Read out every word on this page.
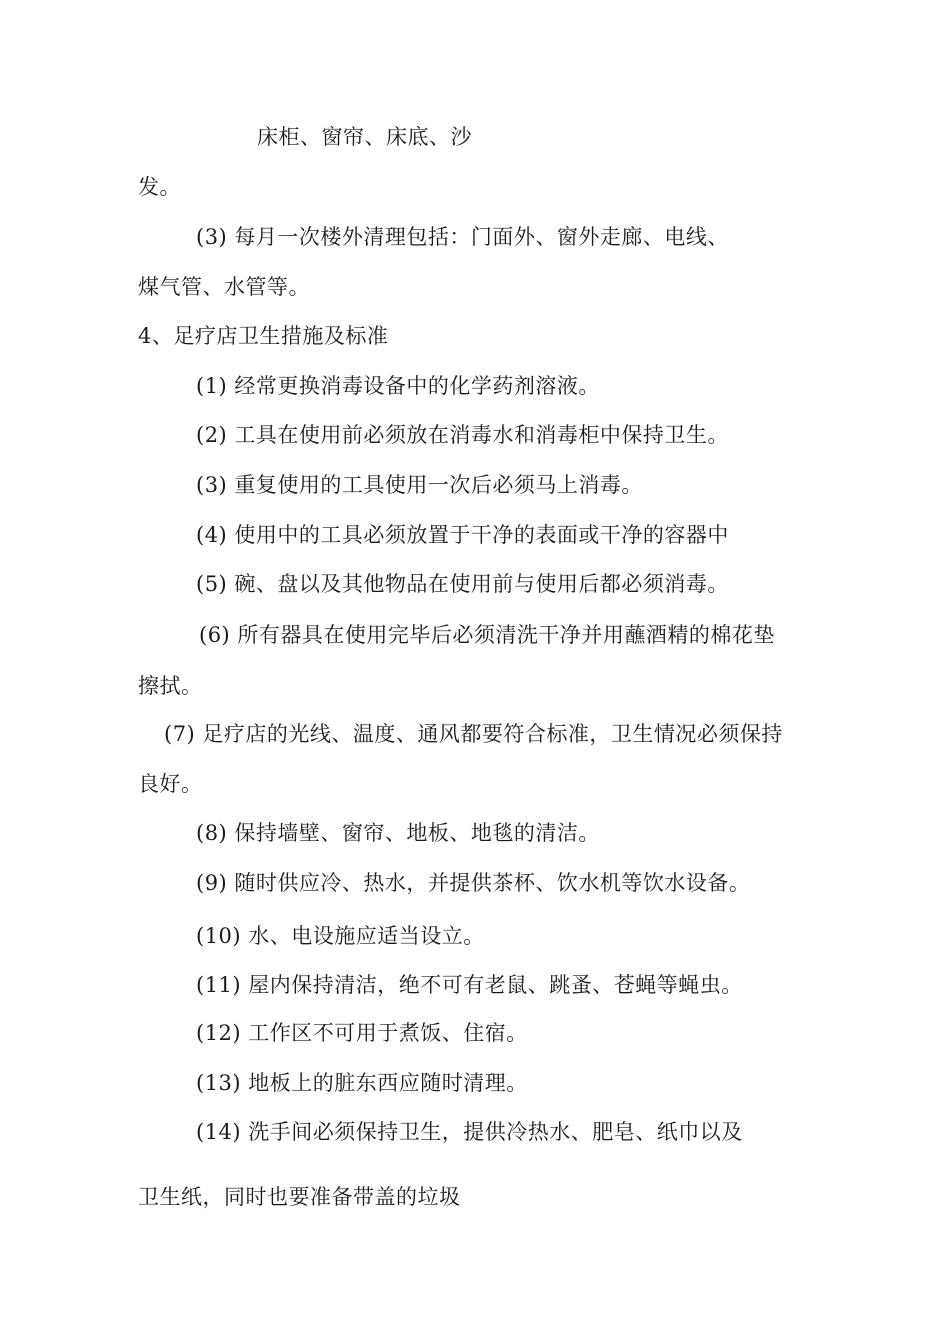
床柜、窗帘、床底、沙
发。
(3) 每月一次楼外清理包括：门面外、窗外走廊、电线、
煤气管、水管等。
4、足疗店卫生措施及标准
(1) 经常更换消毒设备中的化学药剂溶液。
(2) 工具在使用前必须放在消毒水和消毒柜中保持卫生。
(3) 重复使用的工具使用一次后必须马上消毒。
(4) 使用中的工具必须放置于干净的表面或干净的容器中
(5) 碗、盘以及其他物品在使用前与使用后都必须消毒。
(6) 所有器具在使用完毕后必须清洗干净并用蘸酒精的棉花垫
擦拭。
(7) 足疗店的光线、温度、通风都要符合标准，卫生情况必须保持
良好。
(8) 保持墙壁、窗帘、地板、地毯的清洁。
(9) 随时供应冷、热水，并提供茶杯、饮水机等饮水设备。
(10) 水、电设施应适当设立。
(11) 屋内保持清洁，绝不可有老鼠、跳蚤、苍蝇等蝇虫。
(12) 工作区不可用于煮饭、住宿。
(13) 地板上的脏东西应随时清理。
(14) 洗手间必须保持卫生，提供冷热水、肥皂、纸巾以及
卫生纸，同时也要准备带盖的垃圾
